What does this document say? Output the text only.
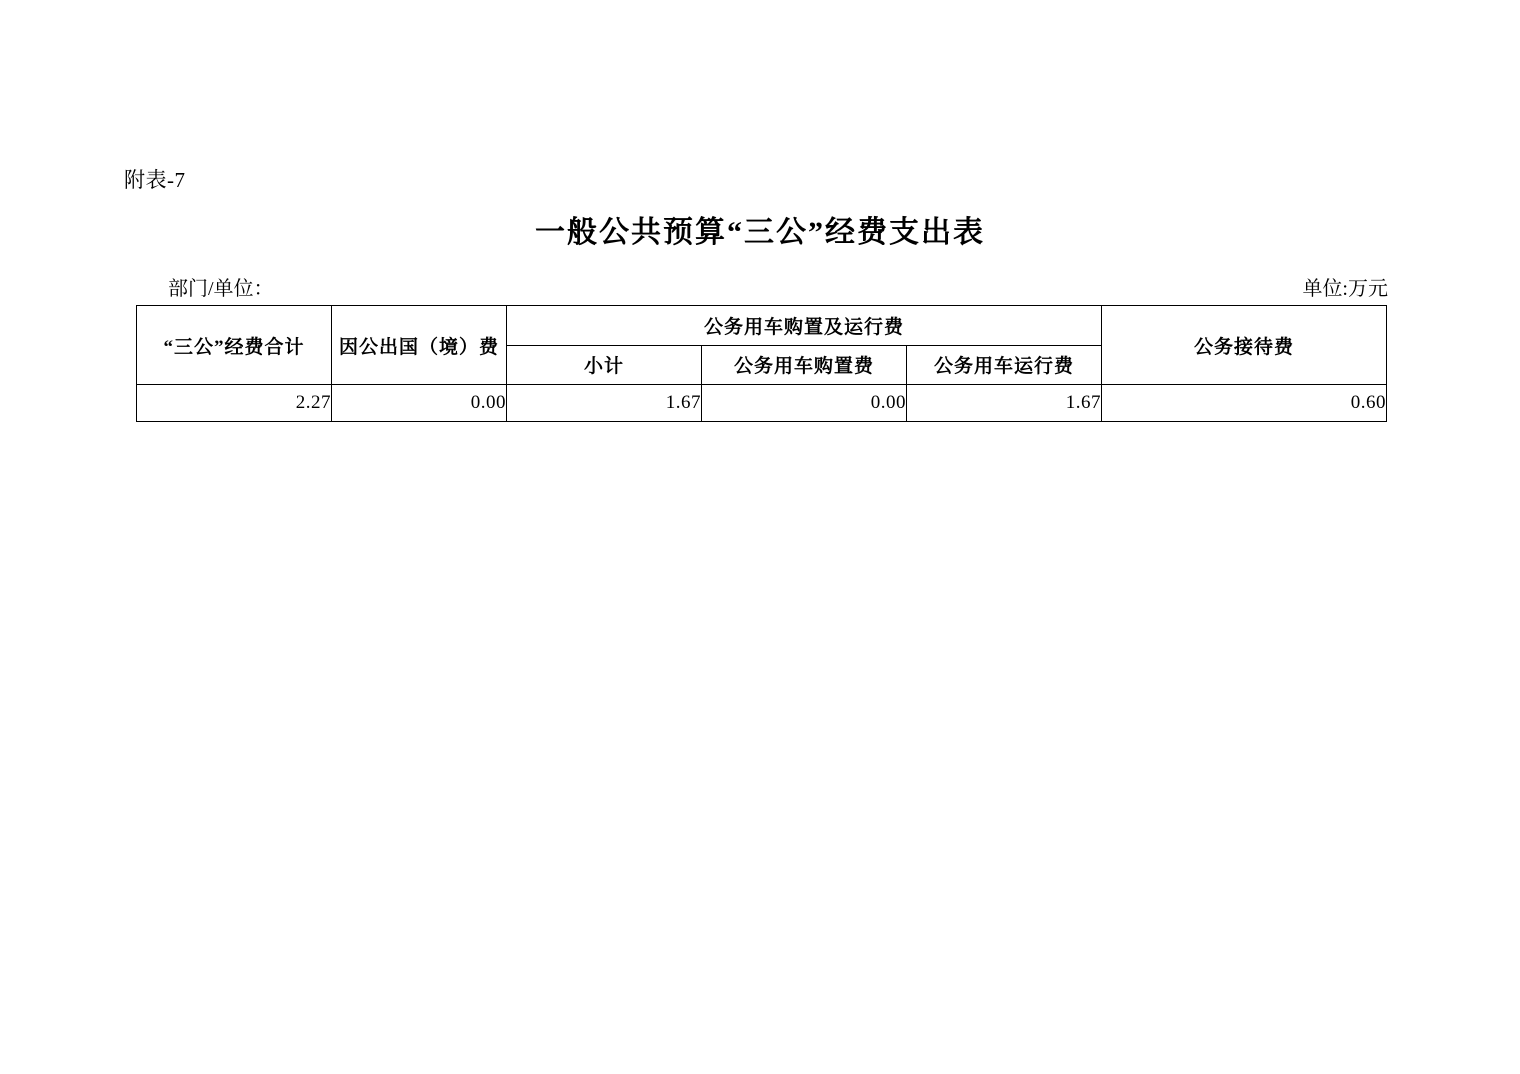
附表-7
一般公共预算“三公”经费支出表
部门/单位：	单位:万元
“三公”经费合计	因公出国（境）费	公务用车购置及运行费			公务接待费
		小计	公务用车购置费	公务用车运行费	
2.27	0.00	1.67	0.00	1.67	0.60
